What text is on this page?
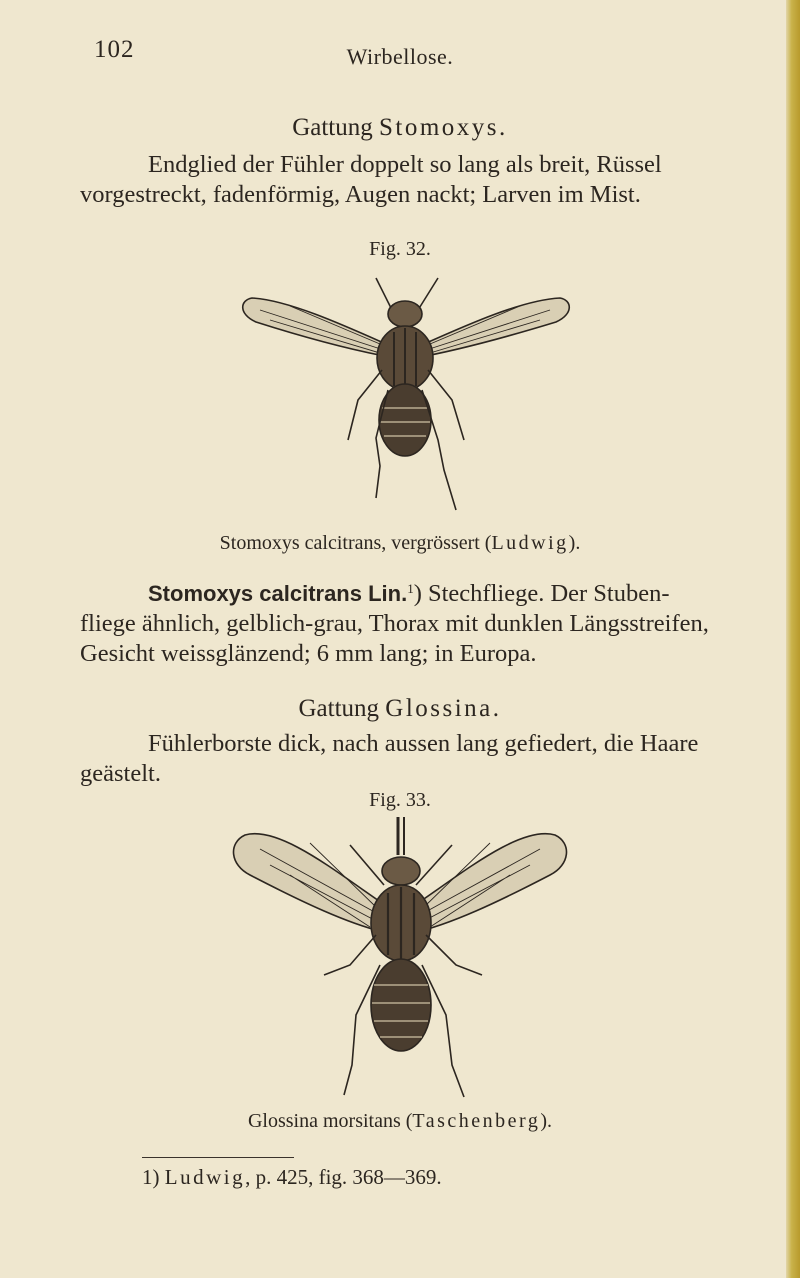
102	Wirbellose.
Gattung Stomoxys.
Endglied der Fühler doppelt so lang als breit, Rüssel
vorgestreckt, fadenförmig, Augen nackt; Larven im Mist.
Fig. 32.
Stomoxys calcitrans, vergrössert (Ludwig).
Stomoxys calcitrans Lin.$^1$) Stechfliege. Der Stuben-
fliege ähnlich, gelblich-grau, Thorax mit dunklen Längsstreifen,
Gesicht weissglänzend; 6 mm lang; in Europa.
Gattung Glossina.
Fühlerborste dick, nach aussen lang gefiedert, die Haare
geästelt.
Fig. 33.
Glossina morsitans (Taschenberg).
1) Ludwig, p. 425, fig. 368—369.
